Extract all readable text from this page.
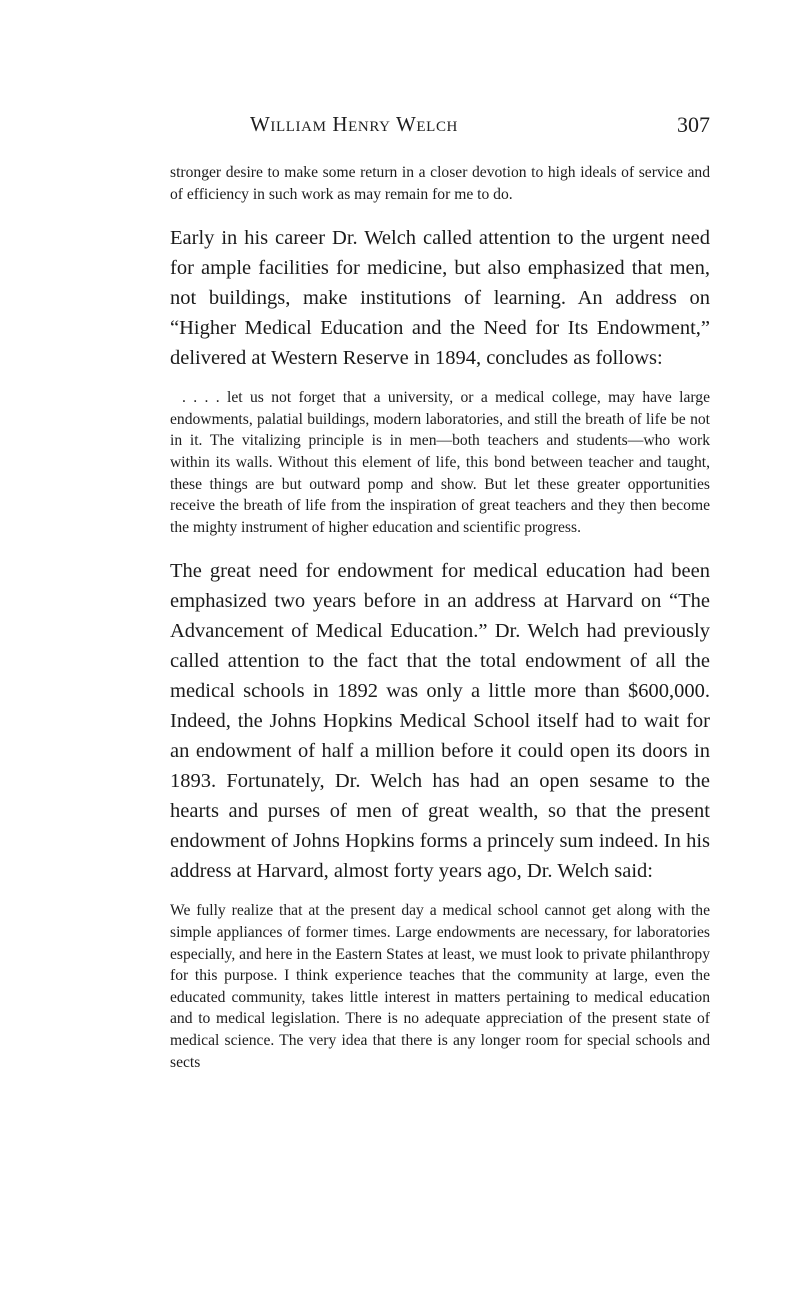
William Henry Welch	307

stronger desire to make some return in a closer devotion to high ideals of service and of efficiency in such work as may remain for me to do.

Early in his career Dr. Welch called attention to the urgent need for ample facilities for medicine, but also emphasized that men, not buildings, make institutions of learning. An address on “Higher Medical Education and the Need for Its Endowment,” delivered at Western Reserve in 1894, concludes as follows:

. . . . let us not forget that a university, or a medical college, may have large endowments, palatial buildings, modern laboratories, and still the breath of life be not in it. The vitalizing principle is in men—both teachers and students—who work within its walls. Without this element of life, this bond between teacher and taught, these things are but outward pomp and show. But let these greater opportunities receive the breath of life from the inspiration of great teachers and they then become the mighty instrument of higher education and scientific progress.

The great need for endowment for medical education had been emphasized two years before in an address at Harvard on “The Advancement of Medical Education.” Dr. Welch had previously called attention to the fact that the total endowment of all the medical schools in 1892 was only a little more than $600,000. Indeed, the Johns Hopkins Medical School itself had to wait for an endowment of half a million before it could open its doors in 1893. Fortunately, Dr. Welch has had an open sesame to the hearts and purses of men of great wealth, so that the present endowment of Johns Hopkins forms a princely sum indeed. In his address at Harvard, almost forty years ago, Dr. Welch said:

We fully realize that at the present day a medical school cannot get along with the simple appliances of former times. Large endowments are necessary, for laboratories especially, and here in the Eastern States at least, we must look to private philanthropy for this purpose. I think experience teaches that the community at large, even the educated community, takes little interest in matters pertaining to medical education and to medical legislation. There is no adequate appreciation of the present state of medical science. The very idea that there is any longer room for special schools and sects
